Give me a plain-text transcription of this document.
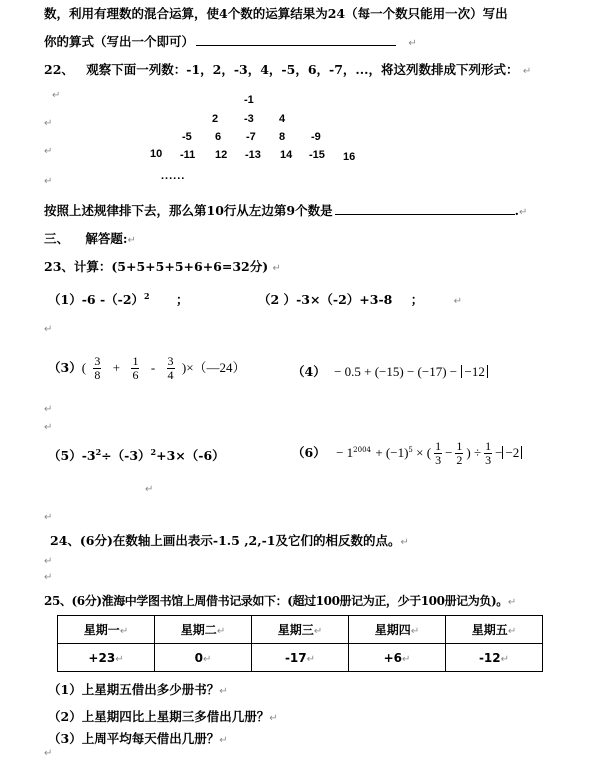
数，利用有理数的混合运算，使4个数的运算结果为24（每一个数只能用一次）写出
你的算式（写出一个即可）	↵
22、 观察下面一列数：-1，2，-3，4，-5，6，-7，...，将这列数排成下列形式： ↵
↵
↵
↵
↵
-1
2 -3 4
-5 6 -7 8 -9
10 -11 12 -13 14 -15 16
......
按照上述规律排下去，那么第10行从左边第9个数是	.↵
三、 解答题:↵
23、计算：(5+5+5+5+6+6=32分) ↵
（1）-6 $-(-2)^2$ ；	（2 ）-3×（-2）+3-8 ；	↵
↵
$(3)( \frac{3}{8} + \frac{1}{6} - \frac{3}{4}$ )×（—24）	（4） − 0.5 + (−15) − (−17) − −12
↵
↵
$(5)-3^2\div(-3)^2+3\times(-6)$	$(6) - 1^{2004} + (-1)^5$ × ( $\frac{1}{3} - \frac{1}{2}$ ) ÷ $\frac{1}{3} - -2$
↵
↵
24、(6分)在数轴上画出表示-1.5 ,2,-1及它们的相反数的点。↵
↵
↵
25、(6分)淮海中学图书馆上周借书记录如下：(超过100册记为正，少于100册记为负)。↵
星期一↵	星期二↵	星期三↵	星期四↵	星期五↵
+23↵	0↵	-17↵	+6↵	-12↵
（1）上星期五借出多少册书？↵
（2）上星期四比上星期三多借出几册？↵
（3）上周平均每天借出几册？↵
↵
